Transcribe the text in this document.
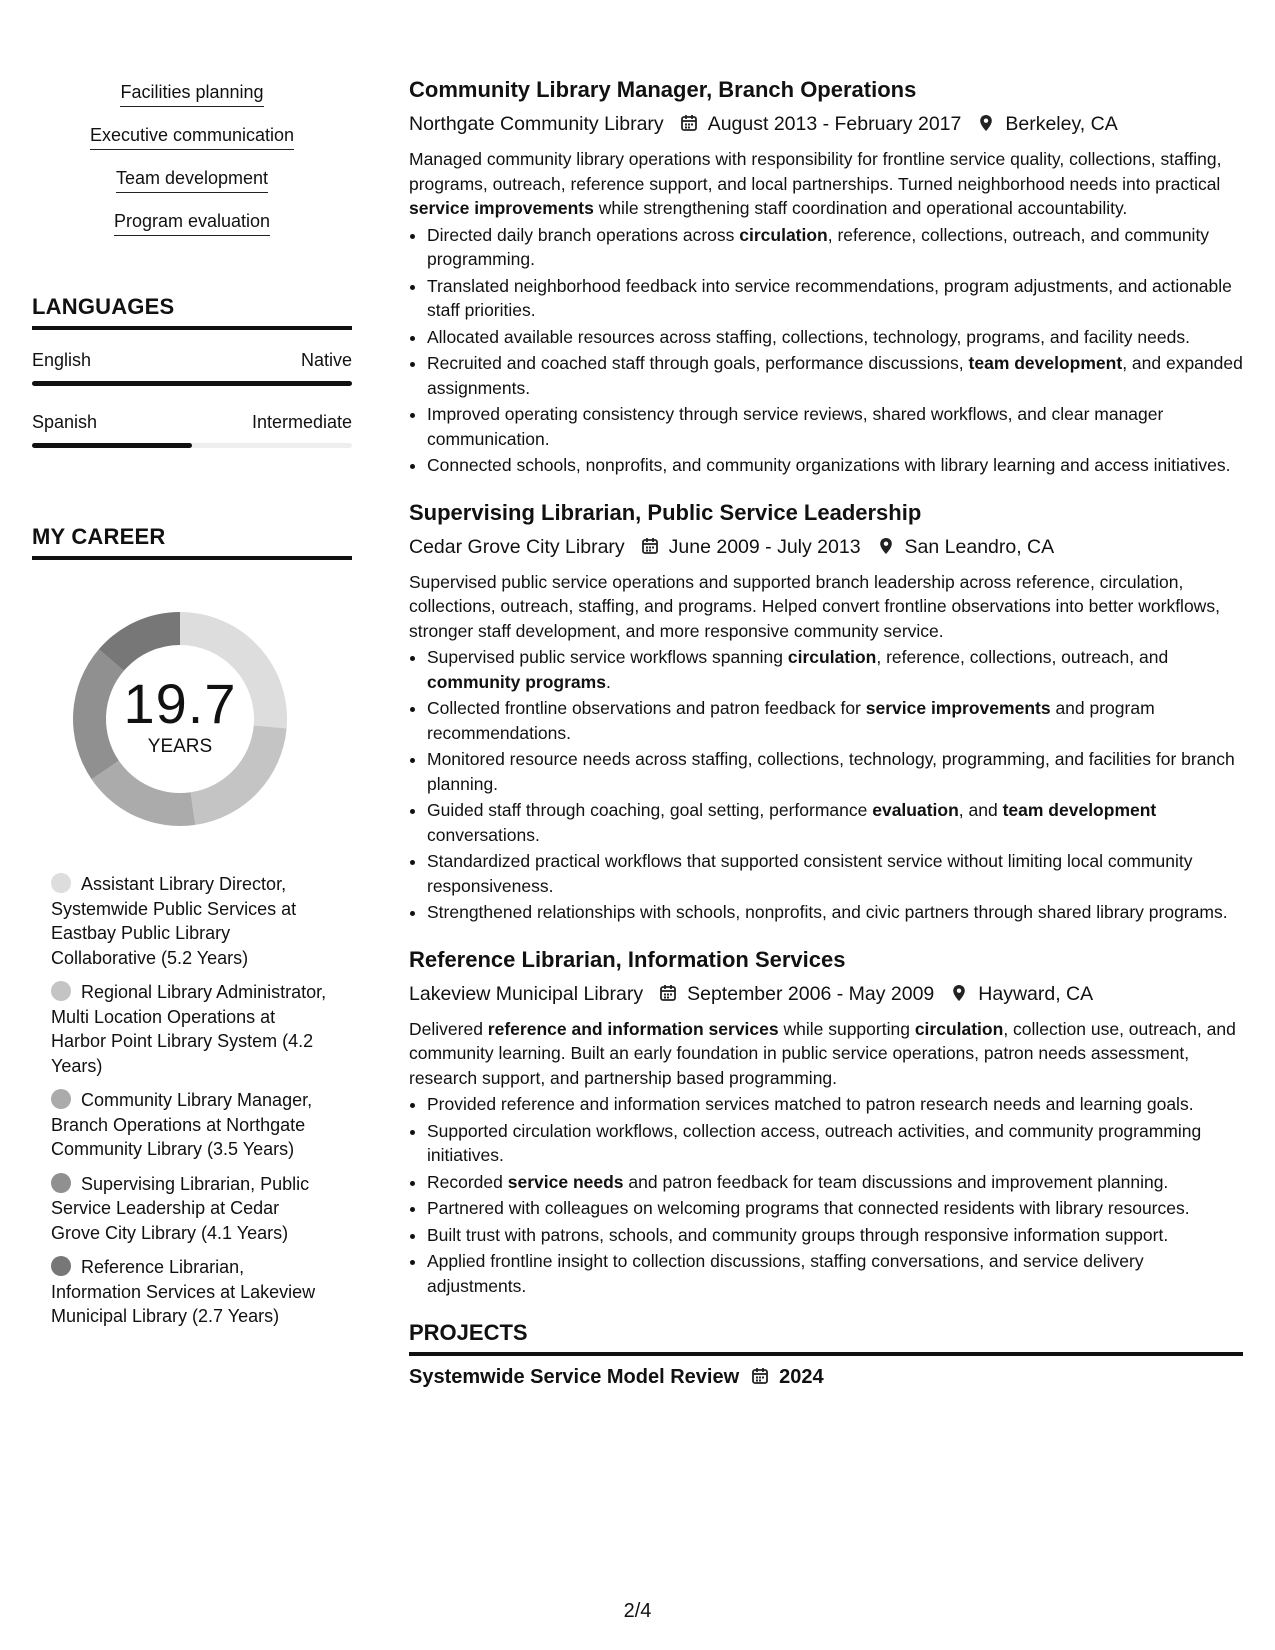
Facilities planning
Executive communication
Team development
Program evaluation
LANGUAGES
English	Native
Spanish	Intermediate
MY CAREER
19.7
YEARS
Assistant Library Director, Systemwide Public Services at Eastbay Public Library Collaborative (5.2 Years)
Regional Library Administrator, Multi Location Operations at Harbor Point Library System (4.2 Years)
Community Library Manager, Branch Operations at Northgate Community Library (3.5 Years)
Supervising Librarian, Public Service Leadership at Cedar Grove City Library (4.1 Years)
Reference Librarian, Information Services at Lakeview Municipal Library (2.7 Years)
Community Library Manager, Branch Operations
Northgate Community Library August 2013 - February 2017 Berkeley, CA
Managed community library operations with responsibility for frontline service quality, collections, staffing, programs, outreach, reference support, and local partnerships. Turned neighborhood needs into practical service improvements while strengthening staff coordination and operational accountability.
• Directed daily branch operations across circulation, reference, collections, outreach, and community programming.
• Translated neighborhood feedback into service recommendations, program adjustments, and actionable staff priorities.
• Allocated available resources across staffing, collections, technology, programs, and facility needs.
• Recruited and coached staff through goals, performance discussions, team development, and expanded assignments.
• Improved operating consistency through service reviews, shared workflows, and clear manager communication.
• Connected schools, nonprofits, and community organizations with library learning and access initiatives.
Supervising Librarian, Public Service Leadership
Cedar Grove City Library June 2009 - July 2013 San Leandro, CA
Supervised public service operations and supported branch leadership across reference, circulation, collections, outreach, staffing, and programs. Helped convert frontline observations into better workflows, stronger staff development, and more responsive community service.
• Supervised public service workflows spanning circulation, reference, collections, outreach, and community programs.
• Collected frontline observations and patron feedback for service improvements and program recommendations.
• Monitored resource needs across staffing, collections, technology, programming, and facilities for branch planning.
• Guided staff through coaching, goal setting, performance evaluation, and team development conversations.
• Standardized practical workflows that supported consistent service without limiting local community responsiveness.
• Strengthened relationships with schools, nonprofits, and civic partners through shared library programs.
Reference Librarian, Information Services
Lakeview Municipal Library September 2006 - May 2009 Hayward, CA
Delivered reference and information services while supporting circulation, collection use, outreach, and community learning. Built an early foundation in public service operations, patron needs assessment, research support, and partnership based programming.
• Provided reference and information services matched to patron research needs and learning goals.
• Supported circulation workflows, collection access, outreach activities, and community programming initiatives.
• Recorded service needs and patron feedback for team discussions and improvement planning.
• Partnered with colleagues on welcoming programs that connected residents with library resources.
• Built trust with patrons, schools, and community groups through responsive information support.
• Applied frontline insight to collection discussions, staffing conversations, and service delivery adjustments.
PROJECTS
Systemwide Service Model Review 2024
2/4
